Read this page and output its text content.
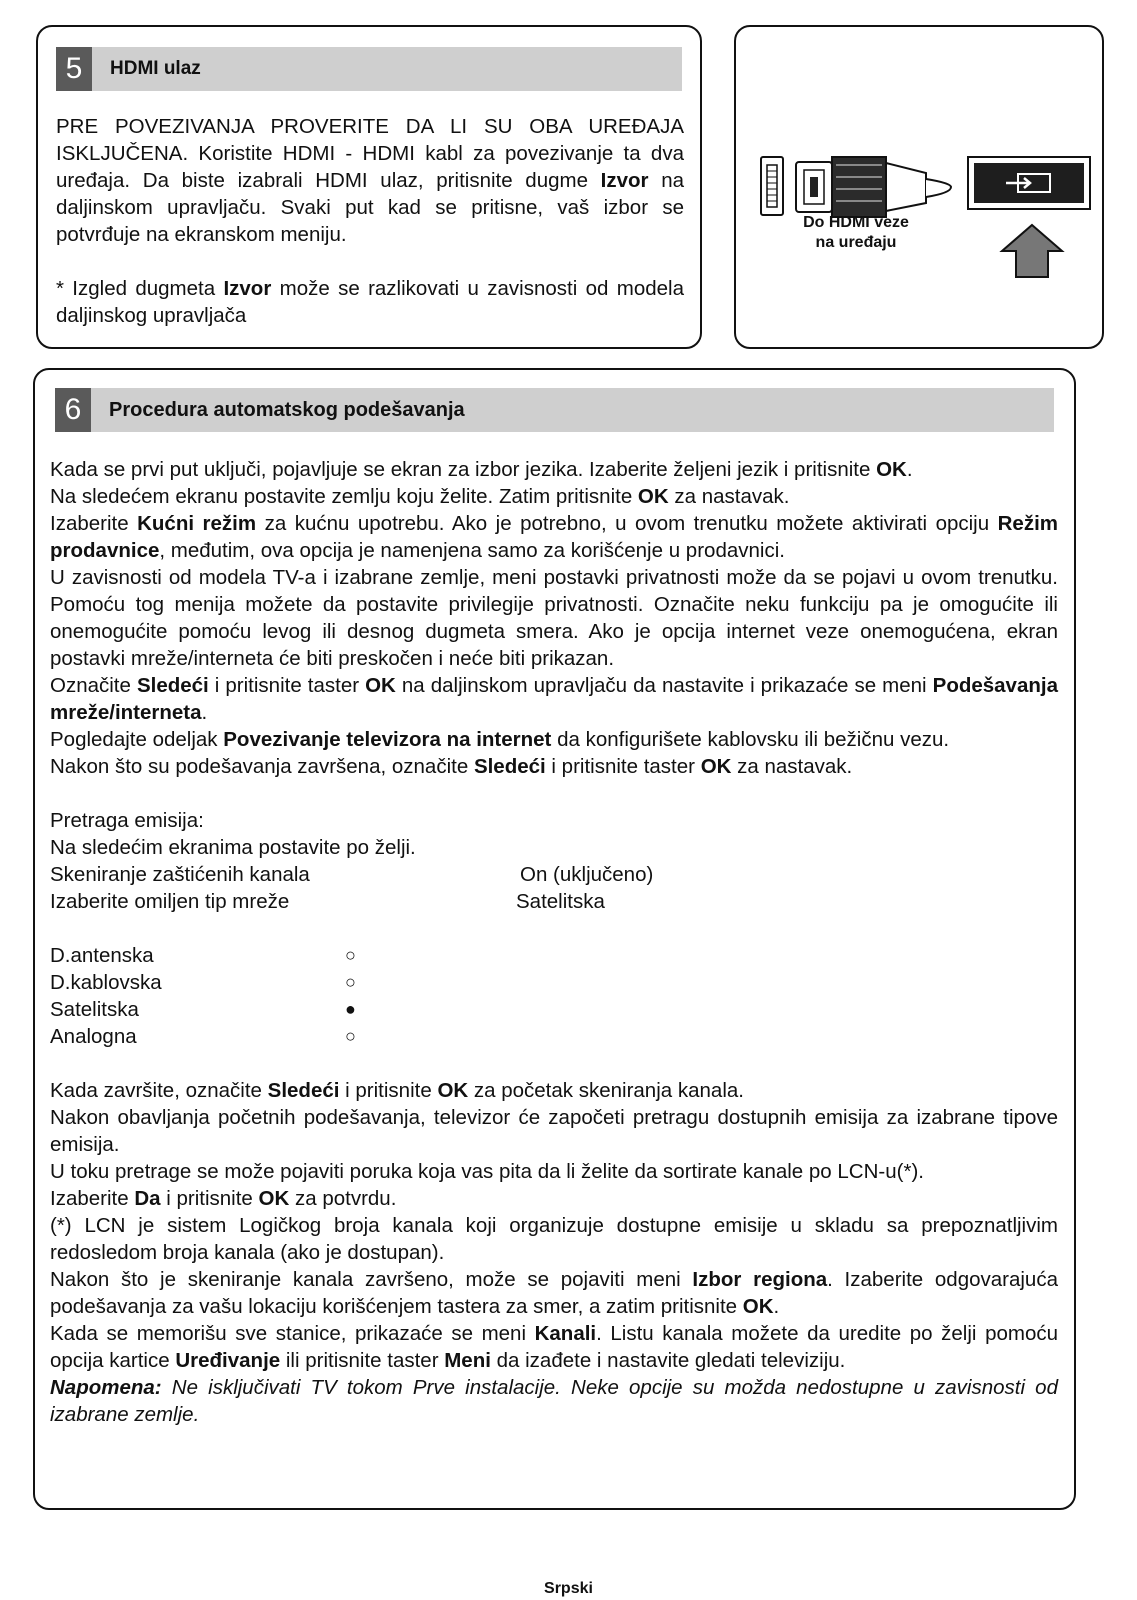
5	HDMI ulaz

PRE POVEZIVANJA PROVERITE DA LI SU OBA UREĐAJA ISKLJUČENA. Koristite HDMI - HDMI kabl za povezivanje ta dva uređaja. Da biste izabrali HDMI ulaz, pritisnite dugme Izvor na daljinskom upravljaču. Svaki put kad se pritisne, vaš izbor se potvrđuje na ekranskom meniju.

* Izgled dugmeta Izvor može se razlikovati u zavisnosti od modela daljinskog upravljača

Do HDMI veze
na uređaju
6	Procedura automatskog podešavanja

Kada se prvi put uključi, pojavljuje se ekran za izbor jezika. Izaberite željeni jezik i pritisnite OK.

Na sledećem ekranu postavite zemlju koju želite. Zatim pritisnite OK za nastavak.

Izaberite Kućni režim za kućnu upotrebu. Ako je potrebno, u ovom trenutku možete aktivirati opciju Režim prodavnice, međutim, ova opcija je namenjena samo za korišćenje u prodavnici.

U zavisnosti od modela TV-a i izabrane zemlje, meni postavki privatnosti može da se pojavi u ovom trenutku. Pomoću tog menija možete da postavite privilegije privatnosti. Označite neku funkciju pa je omogućite ili onemogućite pomoću levog ili desnog dugmeta smera. Ako je opcija internet veze onemogućena, ekran postavki mreže/interneta će biti preskočen i neće biti prikazan.

Označite Sledeći i pritisnite taster OK na daljinskom upravljaču da nastavite i prikazaće se meni Podešavanja mreže/interneta.

Pogledajte odeljak Povezivanje televizora na internet da konfigurišete kablovsku ili bežičnu vezu.

Nakon što su podešavanja završena, označite Sledeći i pritisnite taster OK za nastavak.

Pretraga emisija:

Na sledećim ekranima postavite po želji.

Skeniranje zaštićenih kanala	On (uključeno)
Izaberite omiljen tip mreže	Satelitska
D.antenska	○
D.kablovska	○
Satelitska	●
Analogna	○

Kada završite, označite Sledeći i pritisnite OK za početak skeniranja kanala.

Nakon obavljanja početnih podešavanja, televizor će započeti pretragu dostupnih emisija za izabrane tipove emisija.

U toku pretrage se može pojaviti poruka koja vas pita da li želite da sortirate kanale po LCN-u(*).

Izaberite Da i pritisnite OK za potvrdu.

(*) LCN je sistem Logičkog broja kanala koji organizuje dostupne emisije u skladu sa prepoznatljivim redosledom broja kanala (ako je dostupan).

Nakon što je skeniranje kanala završeno, može se pojaviti meni Izbor regiona. Izaberite odgovarajuća podešavanja za vašu lokaciju korišćenjem tastera za smer, a zatim pritisnite OK.

Kada se memorišu sve stanice, prikazaće se meni Kanali. Listu kanala možete da uredite po želji pomoću opcija kartice Uređivanje ili pritisnite taster Meni da izađete i nastavite gledati televiziju.

Napomena: Ne isključivati TV tokom Prve instalacije. Neke opcije su možda nedostupne u zavisnosti od izabrane zemlje.

Srpski
